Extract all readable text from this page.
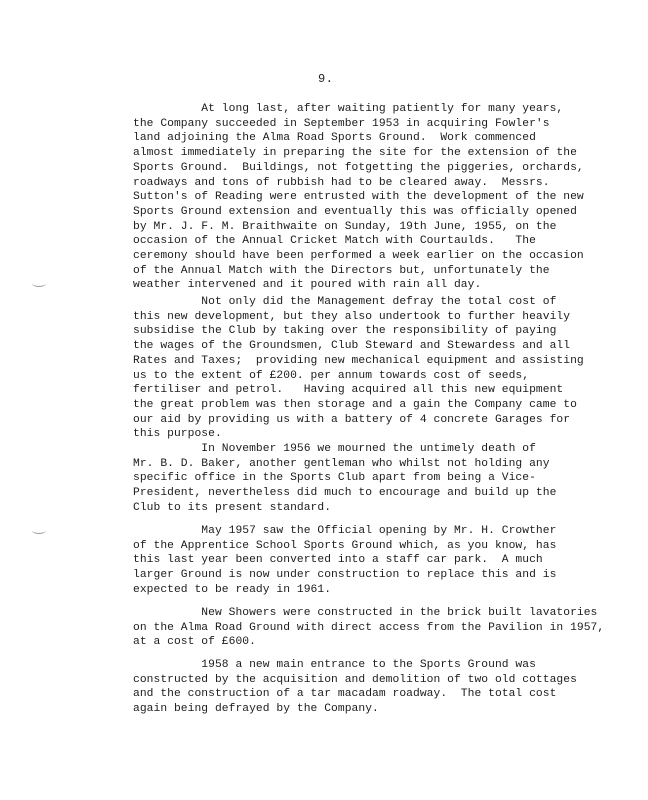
9.
At long last, after waiting patiently for many years,
the Company succeeded in September 1953 in acquiring Fowler's
land adjoining the Alma Road Sports Ground.  Work commenced
almost immediately in preparing the site for the extension of the
Sports Ground.  Buildings, not fotgetting the piggeries, orchards,
roadways and tons of rubbish had to be cleared away.  Messrs.
Sutton's of Reading were entrusted with the development of the new
Sports Ground extension and eventually this was officially opened
by Mr. J. F. M. Braithwaite on Sunday, 19th June, 1955, on the
occasion of the Annual Cricket Match with Courtaulds.   The
ceremony should have been performed a week earlier on the occasion
of the Annual Match with the Directors but, unfortunately the
weather intervened and it poured with rain all day.
Not only did the Management defray the total cost of
this new development, but they also undertook to further heavily
subsidise the Club by taking over the responsibility of paying
the wages of the Groundsmen, Club Steward and Stewardess and all
Rates and Taxes;  providing new mechanical equipment and assisting
us to the extent of £200. per annum towards cost of seeds,
fertiliser and petrol.   Having acquired all this new equipment
the great problem was then storage and a gain the Company came to
our aid by providing us with a battery of 4 concrete Garages for
this purpose.
In November 1956 we mourned the untimely death of
Mr. B. D. Baker, another gentleman who whilst not holding any
specific office in the Sports Club apart from being a Vice-
President, nevertheless did much to encourage and build up the
Club to its present standard.
May 1957 saw the Official opening by Mr. H. Crowther
of the Apprentice School Sports Ground which, as you know, has
this last year been converted into a staff car park.  A much
larger Ground is now under construction to replace this and is
expected to be ready in 1961.
New Showers were constructed in the brick built lavatories
on the Alma Road Ground with direct access from the Pavilion in 1957,
at a cost of £600.
1958 a new main entrance to the Sports Ground was
constructed by the acquisition and demolition of two old cottages
and the construction of a tar macadam roadway.  The total cost
again being defrayed by the Company.
